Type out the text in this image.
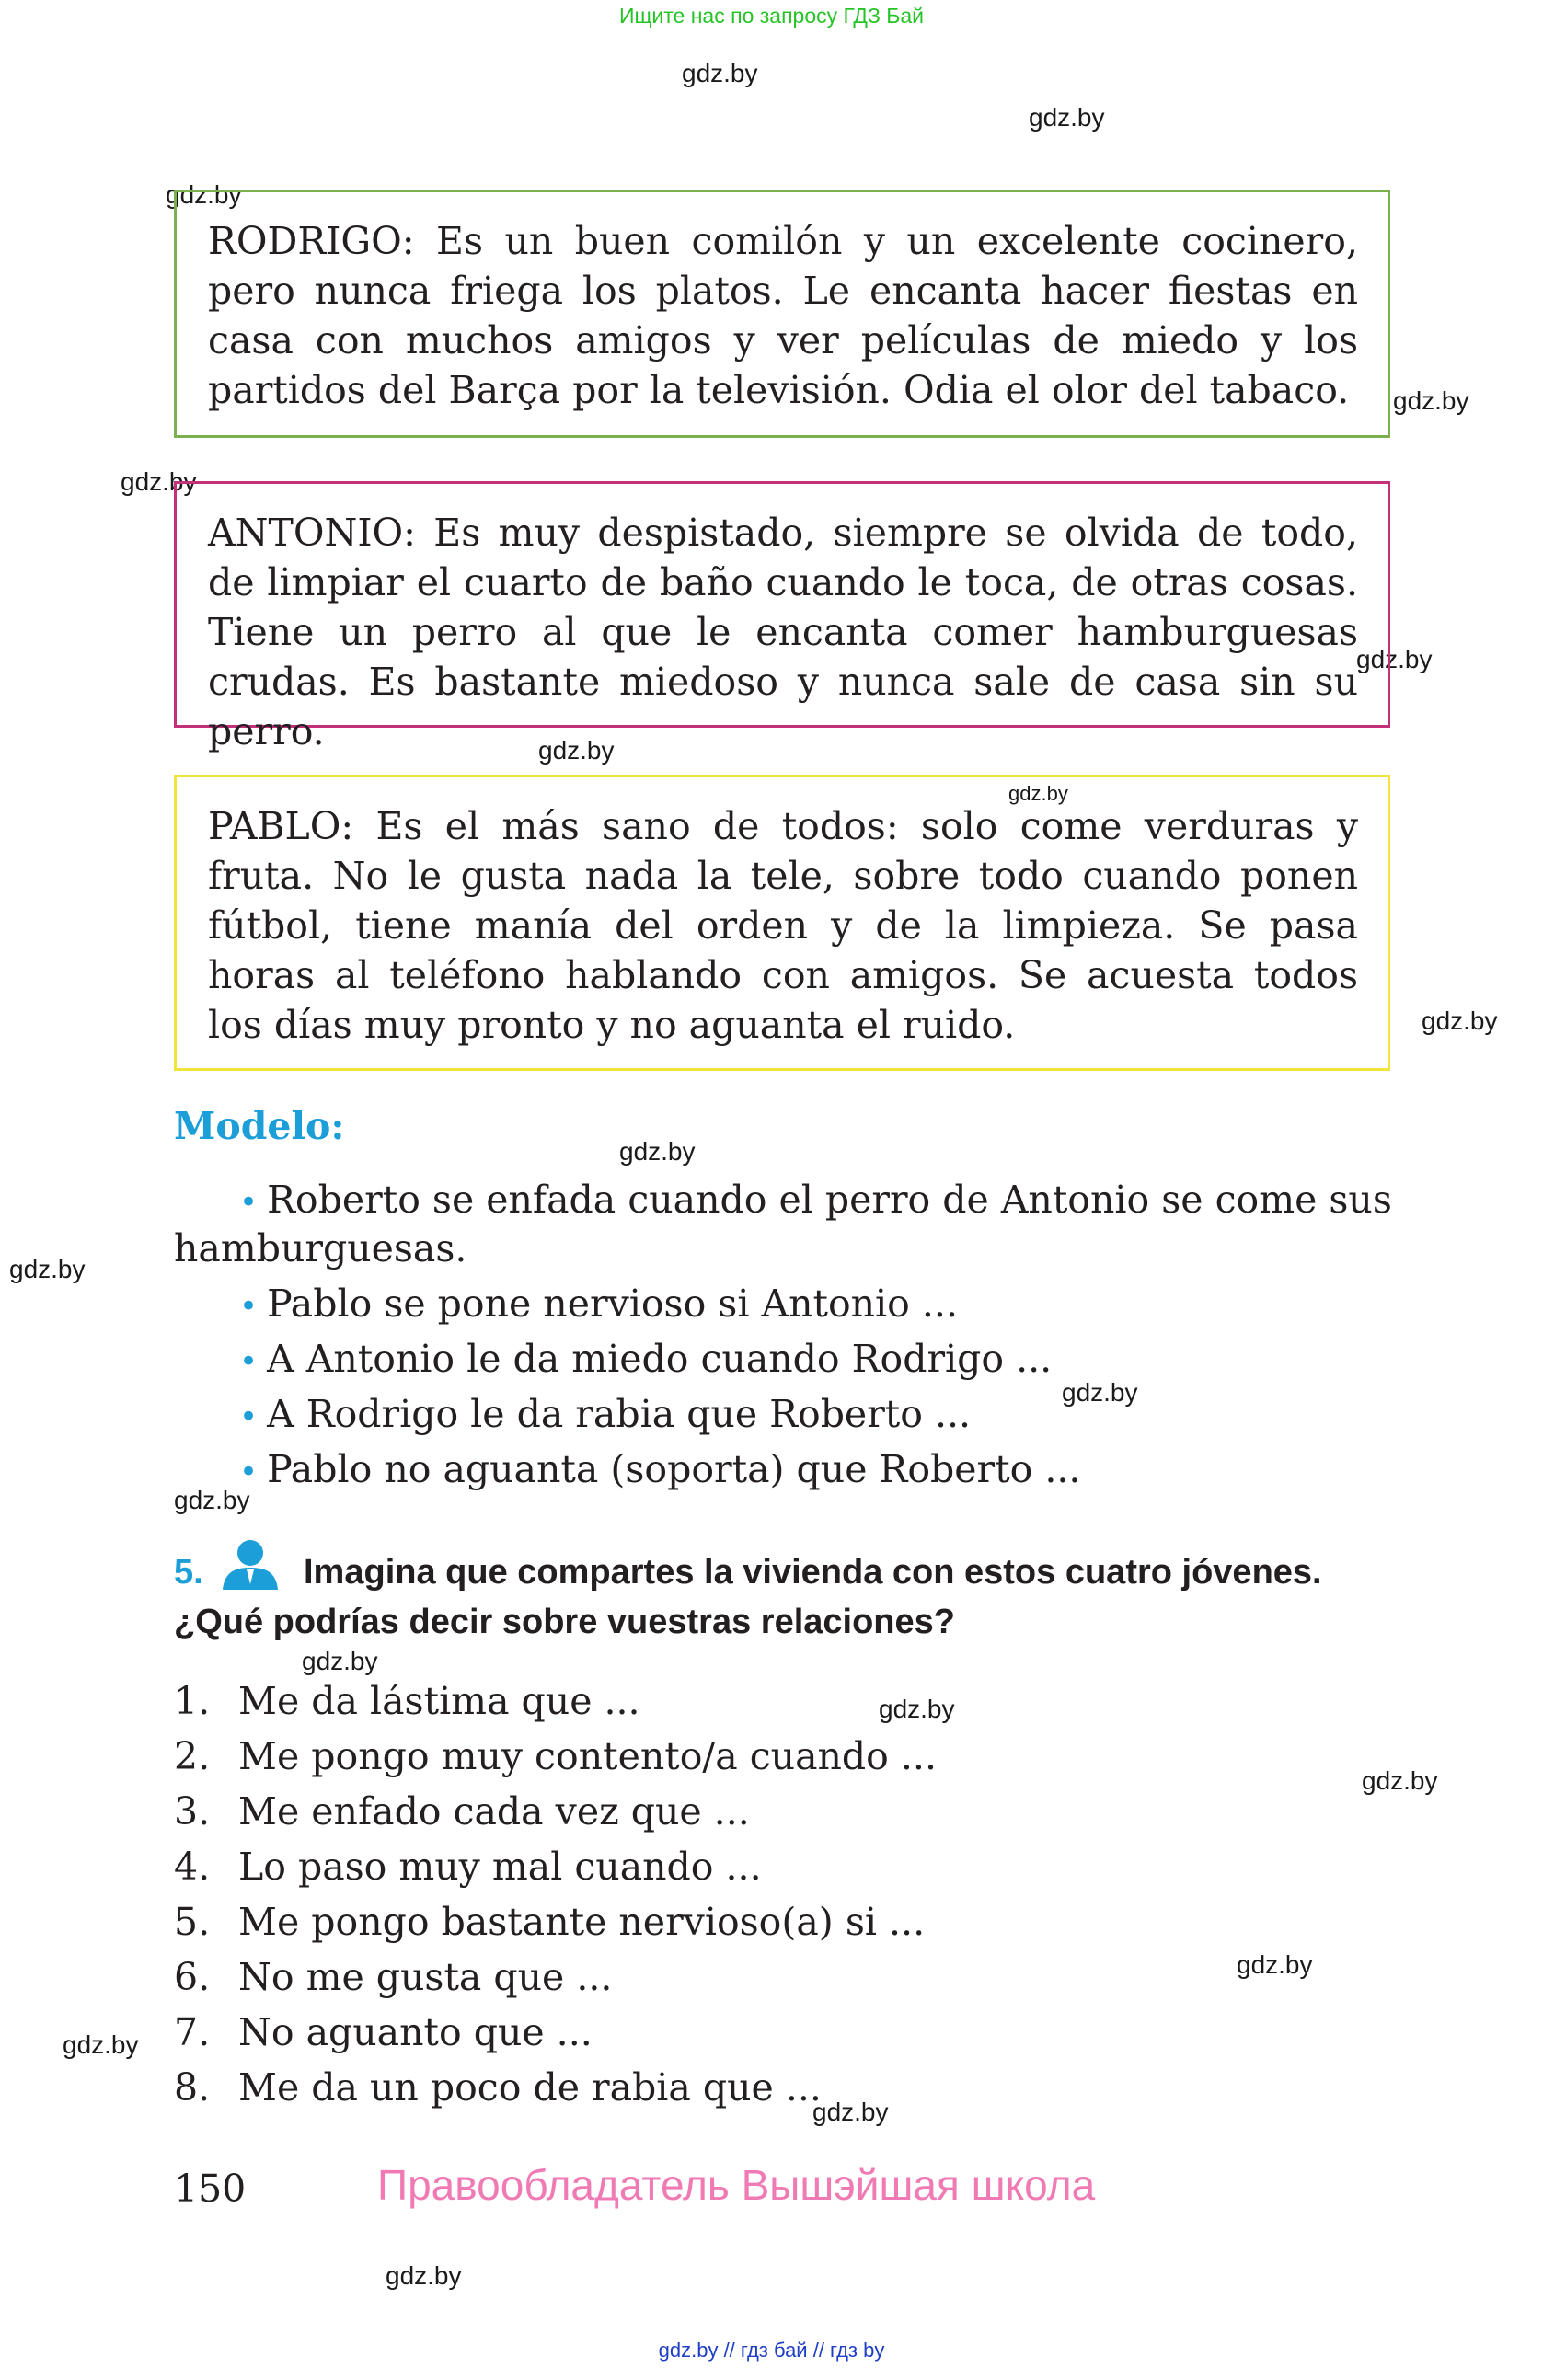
Ищите нас по запросу ГДЗ Бай
gdz.by
gdz.by
gdz.by
gdz.by
gdz.by
gdz.by
gdz.by
gdz.by
gdz.by
gdz.by
gdz.by
gdz.by
gdz.by
gdz.by
gdz.by
gdz.by
gdz.by
gdz.by
gdz.by
gdz.by

RODRIGO: Es un buen comilón y un excelente cocinero, pero nunca friega los platos. Le encanta hacer fiestas en casa con muchos amigos y ver películas de miedo y los partidos del Barça por la televisión. Odia el olor del tabaco.

ANTONIO: Es muy despistado, siempre se olvida de todo, de limpiar el cuarto de baño cuando le toca, de otras cosas. Tiene un perro al que le encanta comer hamburguesas crudas. Es bastante miedoso y nunca sale de casa sin su perro.

PABLO: Es el más sano de todos: solo come verduras y fruta. No le gusta nada la tele, sobre todo cuando ponen fútbol, tiene manía del orden y de la limpieza. Se pasa horas al teléfono hablando con amigos. Se acuesta todos los días muy pronto y no aguanta el ruido.

Modelo:
• Roberto se enfada cuando el perro de Antonio se come sus
hamburguesas.
• Pablo se pone nervioso si Antonio ...
• A Antonio le da miedo cuando Rodrigo ...
• A Rodrigo le da rabia que Roberto ...
• Pablo no aguanta (soporta) que Roberto ...
5.	Imagina que compartes la vivienda con estos cuatro jóvenes.
¿Qué podrías decir sobre vuestras relaciones?
1. Me da lástima que ...
2. Me pongo muy contento/a cuando ...
3. Me enfado cada vez que ...
4. Lo paso muy mal cuando ...
5. Me pongo bastante nervioso(a) si ...
6. No me gusta que ...
7. No aguanto que ...
8. Me da un poco de rabia que ...
150	Правообладатель Вышэйшая школа
gdz.by // гдз бай // гдз by
